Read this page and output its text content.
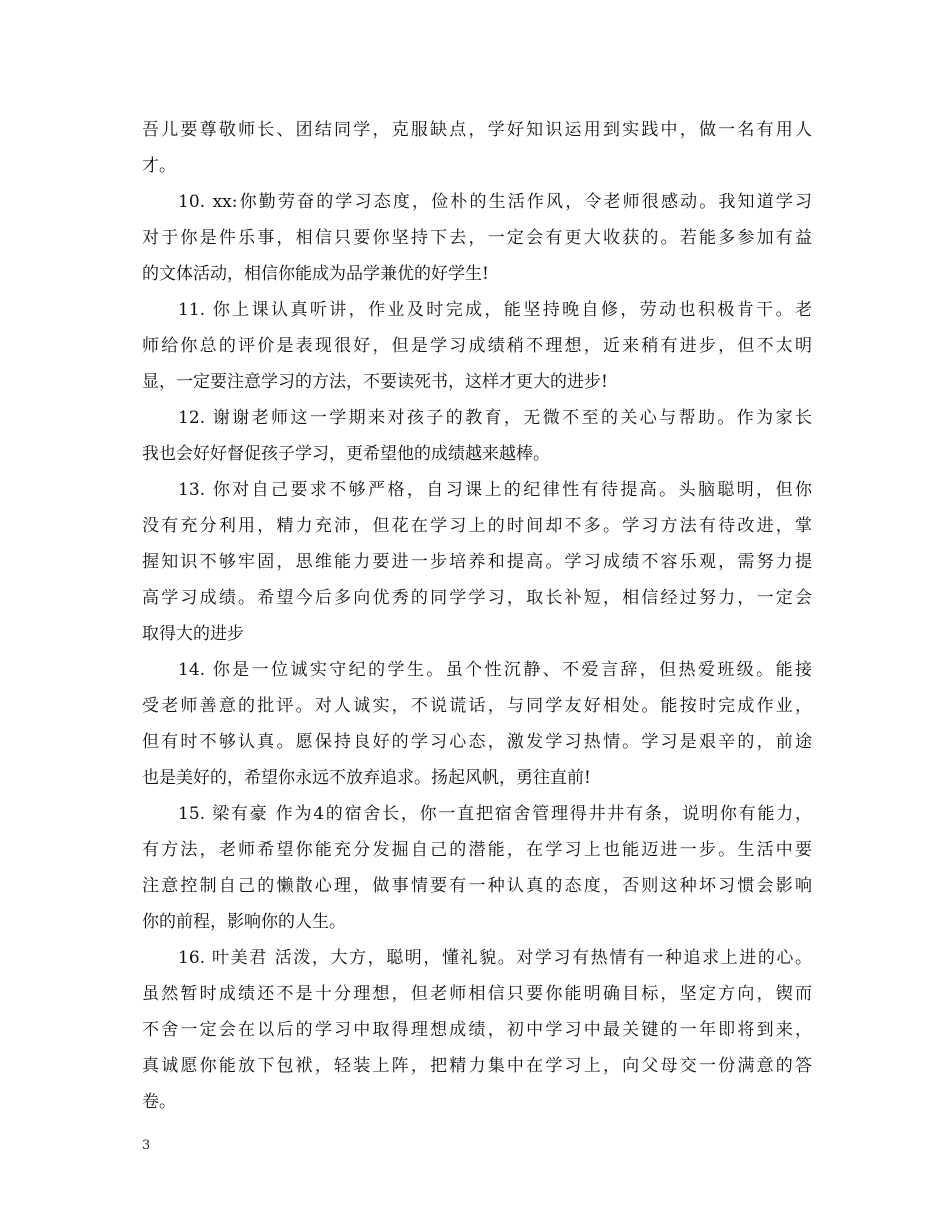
吾儿要尊敬师长、团结同学，克服缺点，学好知识运用到实践中，做一名有用人
才。
10. xx:你勤劳奋的学习态度，俭朴的生活作风，令老师很感动。我知道学习
对于你是件乐事，相信只要你坚持下去，一定会有更大收获的。若能多参加有益
的文体活动，相信你能成为品学兼优的好学生!
11. 你上课认真听讲，作业及时完成，能坚持晚自修，劳动也积极肯干。老
师给你总的评价是表现很好，但是学习成绩稍不理想，近来稍有进步，但不太明
显，一定要注意学习的方法，不要读死书，这样才更大的进步!
12. 谢谢老师这一学期来对孩子的教育，无微不至的关心与帮助。作为家长
我也会好好督促孩子学习，更希望他的成绩越来越棒。
13. 你对自己要求不够严格，自习课上的纪律性有待提高。头脑聪明，但你
没有充分利用，精力充沛，但花在学习上的时间却不多。学习方法有待改进，掌
握知识不够牢固，思维能力要进一步培养和提高。学习成绩不容乐观，需努力提
高学习成绩。希望今后多向优秀的同学学习，取长补短，相信经过努力，一定会
取得大的进步
14. 你是一位诚实守纪的学生。虽个性沉静、不爱言辞，但热爱班级。能接
受老师善意的批评。对人诚实，不说谎话，与同学友好相处。能按时完成作业，
但有时不够认真。愿保持良好的学习心态，激发学习热情。学习是艰辛的，前途
也是美好的，希望你永远不放弃追求。扬起风帆，勇往直前!
15. 梁有豪 作为4的宿舍长，你一直把宿舍管理得井井有条，说明你有能力，
有方法，老师希望你能充分发掘自己的潜能，在学习上也能迈进一步。生活中要
注意控制自己的懒散心理，做事情要有一种认真的态度，否则这种坏习惯会影响
你的前程，影响你的人生。
16. 叶美君 活泼，大方，聪明，懂礼貌。对学习有热情有一种追求上进的心。
虽然暂时成绩还不是十分理想，但老师相信只要你能明确目标，坚定方向，锲而
不舍一定会在以后的学习中取得理想成绩，初中学习中最关键的一年即将到来，
真诚愿你能放下包袱，轻装上阵，把精力集中在学习上，向父母交一份满意的答
卷。
3
